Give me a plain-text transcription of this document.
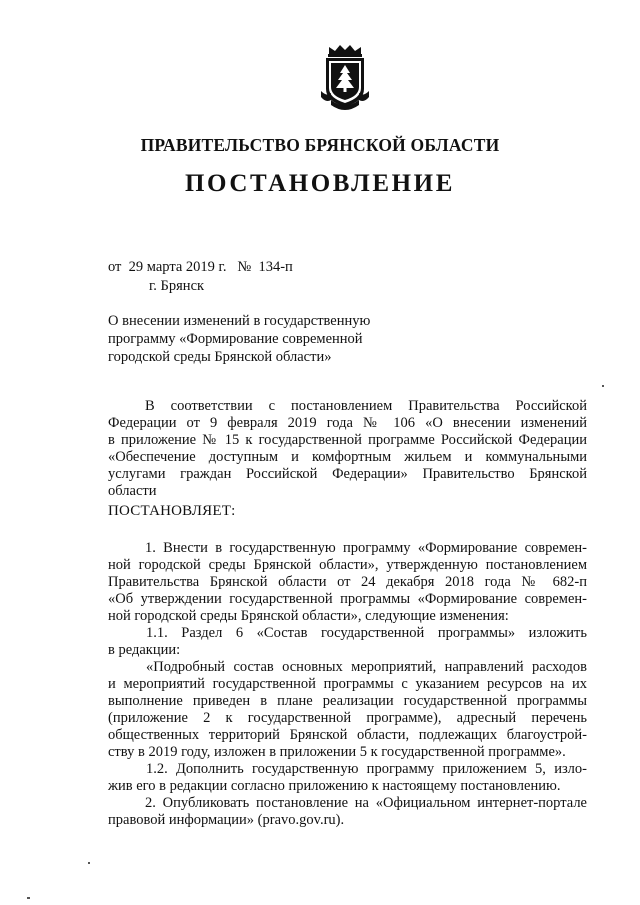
ПРАВИТЕЛЬСТВО БРЯНСКОЙ ОБЛАСТИ
ПОСТАНОВЛЕНИЕ
от  29 марта 2019 г.   №  134-п
г. Брянск
О внесении изменений в государственную
программу «Формирование современной
городской среды Брянской области»
В соответствии с постановлением Правительства Российской
Федерации от 9 февраля 2019 года № 106 «О внесении изменений
в приложение № 15 к государственной программе Российской Федерации
«Обеспечение доступным и комфортным жильем и коммунальными
услугами граждан Российской Федерации» Правительство Брянской
области
ПОСТАНОВЛЯЕТ:
1. Внести в государственную программу «Формирование современ-
ной городской среды Брянской области», утвержденную постановлением
Правительства Брянской области от 24 декабря 2018 года № 682-п
«Об утверждении государственной программы «Формирование современ-
ной городской среды Брянской области», следующие изменения:
1.1. Раздел 6 «Состав государственной программы» изложить
в редакции:
«Подробный состав основных мероприятий, направлений расходов
и мероприятий государственной программы с указанием ресурсов на их
выполнение приведен в плане реализации государственной программы
(приложение 2 к государственной программе), адресный перечень
общественных территорий Брянской области, подлежащих благоустрой-
ству в 2019 году, изложен в приложении 5 к государственной программе».
1.2. Дополнить государственную программу приложением 5, изло-
жив его в редакции согласно приложению к настоящему постановлению.
2. Опубликовать постановление на «Официальном интернет-портале
правовой информации» (pravo.gov.ru).
